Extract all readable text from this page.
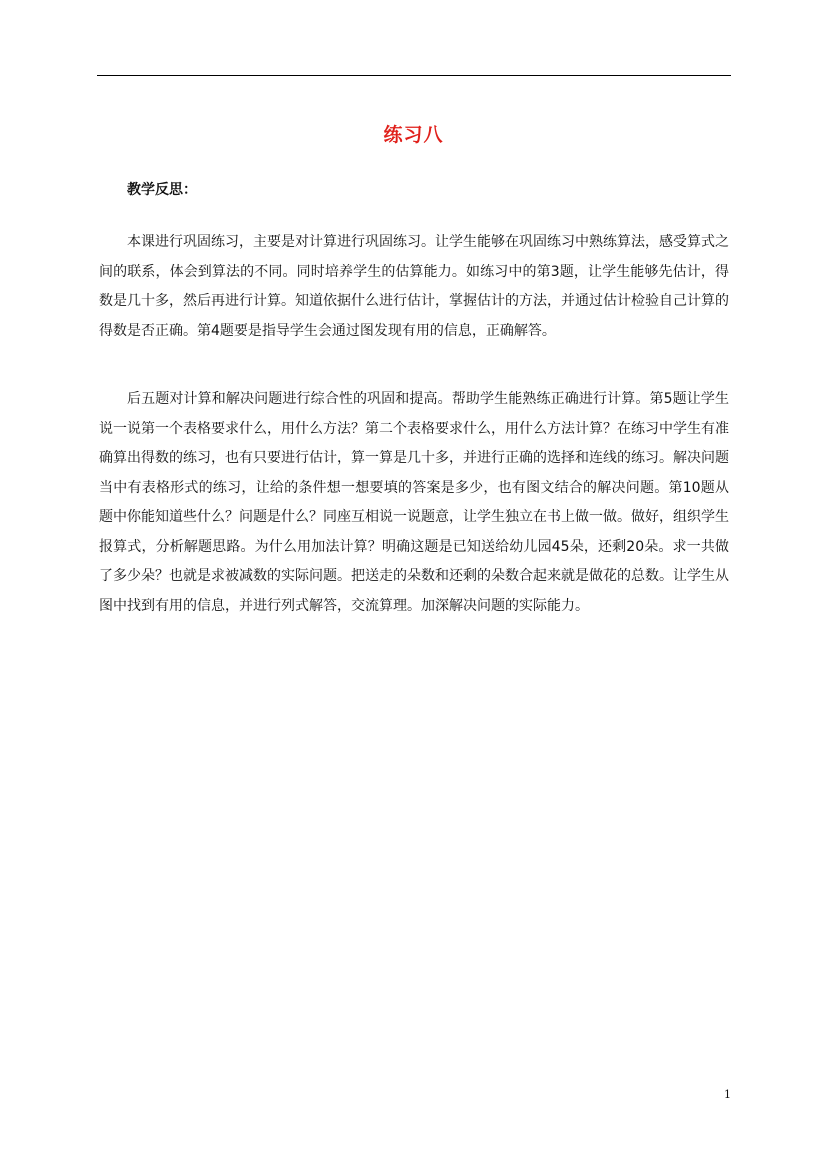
练习八
教学反思：

本课进行巩固练习，主要是对计算进行巩固练习。让学生能够在巩固练习中熟练算法，感受算式之间的联系，体会到算法的不同。同时培养学生的估算能力。如练习中的第3题，让学生能够先估计，得数是几十多，然后再进行计算。知道依据什么进行估计，掌握估计的方法，并通过估计检验自己计算的得数是否正确。第4题要是指导学生会通过图发现有用的信息，正确解答。

后五题对计算和解决问题进行综合性的巩固和提高。帮助学生能熟练正确进行计算。第5题让学生说一说第一个表格要求什么，用什么方法？第二个表格要求什么，用什么方法计算？在练习中学生有准确算出得数的练习，也有只要进行估计，算一算是几十多，并进行正确的选择和连线的练习。解决问题当中有表格形式的练习，让给的条件想一想要填的答案是多少，也有图文结合的解决问题。第10题从题中你能知道些什么？问题是什么？同座互相说一说题意，让学生独立在书上做一做。做好，组织学生报算式，分析解题思路。为什么用加法计算？明确这题是已知送给幼儿园45朵，还剩20朵。求一共做了多少朵？也就是求被减数的实际问题。把送走的朵数和还剩的朵数合起来就是做花的总数。让学生从图中找到有用的信息，并进行列式解答，交流算理。加深解决问题的实际能力。

1
